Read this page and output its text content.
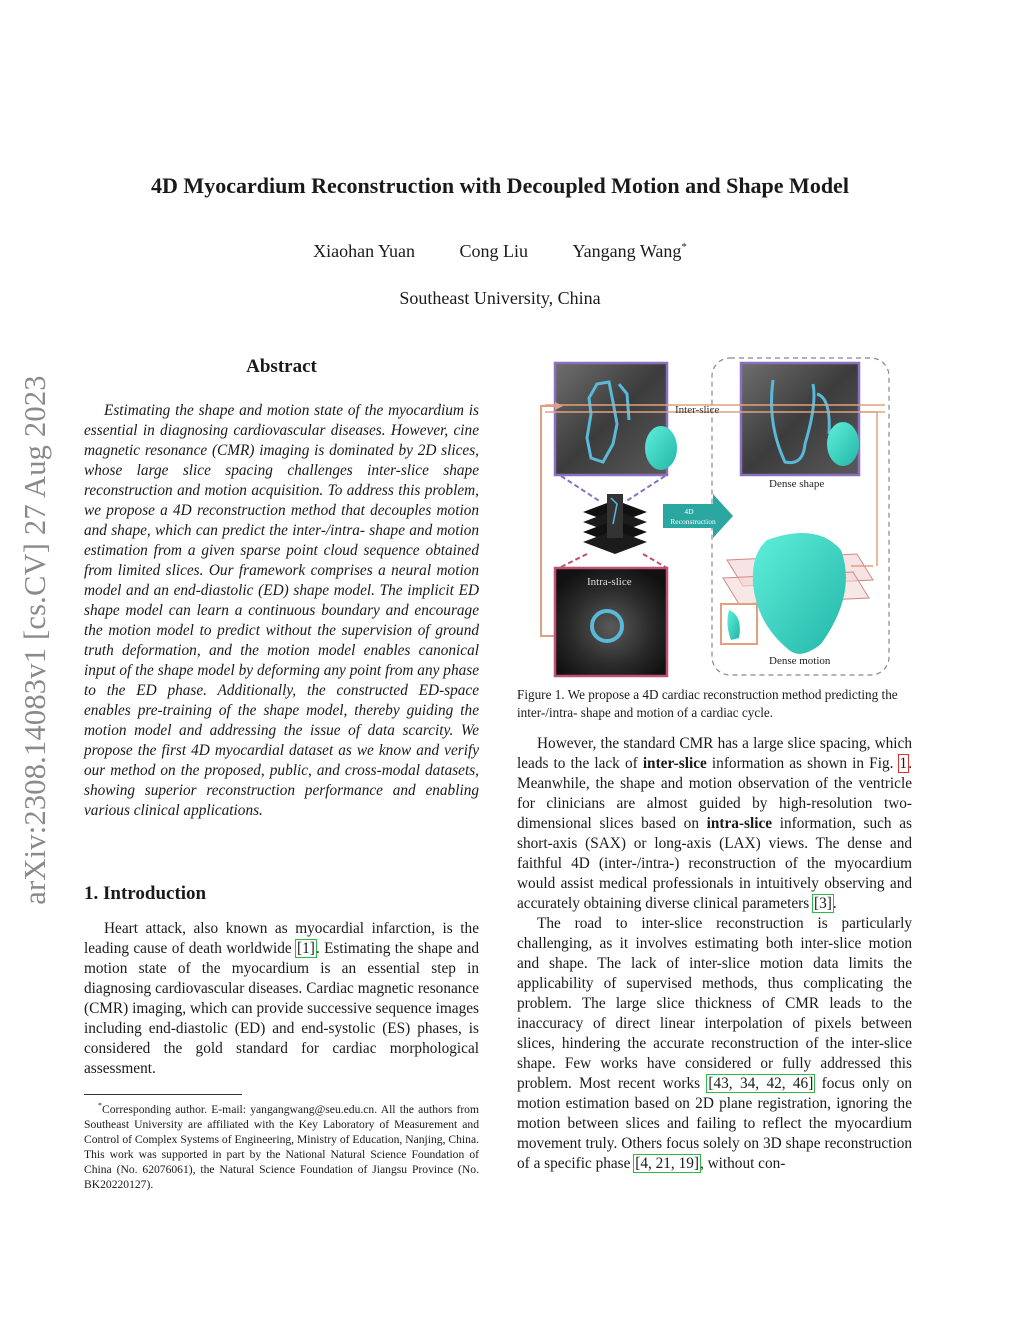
arXiv:2308.14083v1 [cs.CV] 27 Aug 2023
4D Myocardium Reconstruction with Decoupled Motion and Shape Model
Xiaohan Yuan Cong Liu Yangang Wang*
Southeast University, China
Abstract
Estimating the shape and motion state of the myocardium is essential in diagnosing cardiovascular diseases. However, cine magnetic resonance (CMR) imaging is dominated by 2D slices, whose large slice spacing challenges inter-slice shape reconstruction and motion acquisition. To address this problem, we propose a 4D reconstruction method that decouples motion and shape, which can predict the inter-/intra- shape and motion estimation from a given sparse point cloud sequence obtained from limited slices. Our framework comprises a neural motion model and an end-diastolic (ED) shape model. The implicit ED shape model can learn a continuous boundary and encourage the motion model to predict without the supervision of ground truth deformation, and the motion model enables canonical input of the shape model by deforming any point from any phase to the ED phase. Additionally, the constructed ED-space enables pre-training of the shape model, thereby guiding the motion model and addressing the issue of data scarcity. We propose the first 4D myocardial dataset as we know and verify our method on the proposed, public, and cross-modal datasets, showing superior reconstruction performance and enabling various clinical applications.
1. Introduction
Heart attack, also known as myocardial infarction, is the leading cause of death worldwide [1]. Estimating the shape and motion state of the myocardium is an essential step in diagnosing cardiovascular diseases. Cardiac magnetic resonance (CMR) imaging, which can provide successive sequence images including end-diastolic (ED) and end-systolic (ES) phases, is considered the gold standard for cardiac morphological assessment.
*Corresponding author. E-mail: yangangwang@seu.edu.cn. All the authors from Southeast University are affiliated with the Key Laboratory of Measurement and Control of Complex Systems of Engineering, Ministry of Education, Nanjing, China. This work was supported in part by the National Natural Science Foundation of China (No. 62076061), the Natural Science Foundation of Jiangsu Province (No. BK20220127).
Inter-slice
Dense shape
Intra-slice
4D
Reconstruction
Dense motion
Figure 1. We propose a 4D cardiac reconstruction method predicting the inter-/intra- shape and motion of a cardiac cycle.

However, the standard CMR has a large slice spacing, which leads to the lack of inter-slice information as shown in Fig. 1. Meanwhile, the shape and motion observation of the ventricle for clinicians are almost guided by high-resolution two-dimensional slices based on intra-slice information, such as short-axis (SAX) or long-axis (LAX) views. The dense and faithful 4D (inter-/intra-) reconstruction of the myocardium would assist medical professionals in intuitively observing and accurately obtaining diverse clinical parameters [3].

The road to inter-slice reconstruction is particularly challenging, as it involves estimating both inter-slice motion and shape. The lack of inter-slice motion data limits the applicability of supervised methods, thus complicating the problem. The large slice thickness of CMR leads to the inaccuracy of direct linear interpolation of pixels between slices, hindering the accurate reconstruction of the inter-slice shape. Few works have considered or fully addressed this problem. Most recent works [43, 34, 42, 46] focus only on motion estimation based on 2D plane registration, ignoring the motion between slices and failing to reflect the myocardium movement truly. Others focus solely on 3D shape reconstruction of a specific phase [4, 21, 19], without con-
